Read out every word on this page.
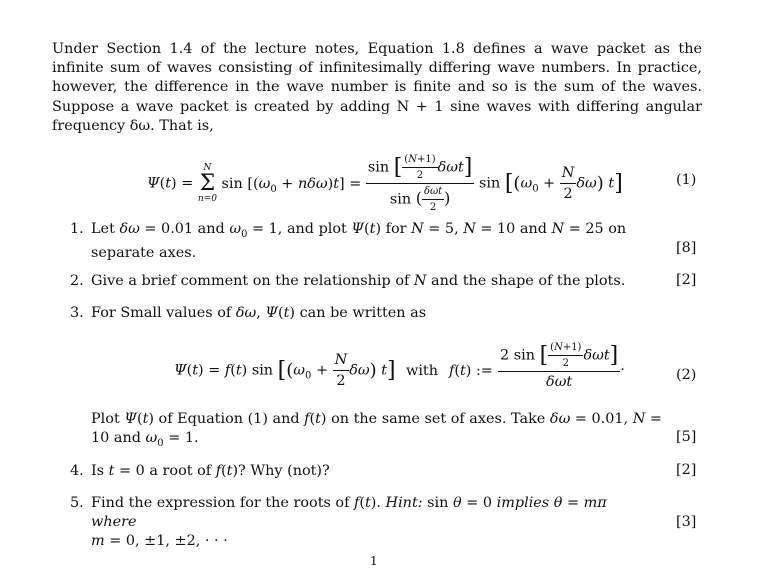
Under Section 1.4 of the lecture notes, Equation 1.8 defines a wave packet as the infinite sum of waves consisting of infinitesimally differing wave numbers. In practice, however, the difference in the wave number is finite and so is the sum of the waves. Suppose a wave packet is created by adding N + 1 sine waves with differing angular frequency δω. That is,
Ψ(t) =
N
Σ
n=0
$\sin [(\omega_0 + n\delta\omega)t] = \frac{\sin [ \frac{(N+1)}{2} \delta\omega t]}{\sin ( \frac{\text{δωt}}{2} )}$ $\sin [(\omega_0 + \frac{N}{2} \delta\omega)$ t]	(1)
1. Let δω = 0.01 and $\omega_0 = 1$, and plot Ψ(t) for N = 5, N = 10 and N = 25 on separate axes.	[8]
2. Give a brief comment on the relationship of N and the shape of the plots.	[2]
3. For Small values of δω, Ψ(t) can be written as
Ψ(t) = f(t) $\sin [(\omega_0 + \frac{N}{2} \delta\omega)$ t] with f(t) := $\frac{2 \sin [ \frac{(N+1)}{2} \delta\omega t]}{\text{δωt}}$ .
(2)
Plot Ψ(t) of Equation (1) and f(t) on the same set of axes. Take δω = 0.01, N = 10 and $\omega_0 = 1$.	[5]
4. Is t = 0 a root of f(t)? Why (not)?	[2]
5. Find the expression for the roots of f(t). Hint: sin θ = 0 implies θ = mπ where
m = 0, ±1, ±2, · · ·
[3]
1
